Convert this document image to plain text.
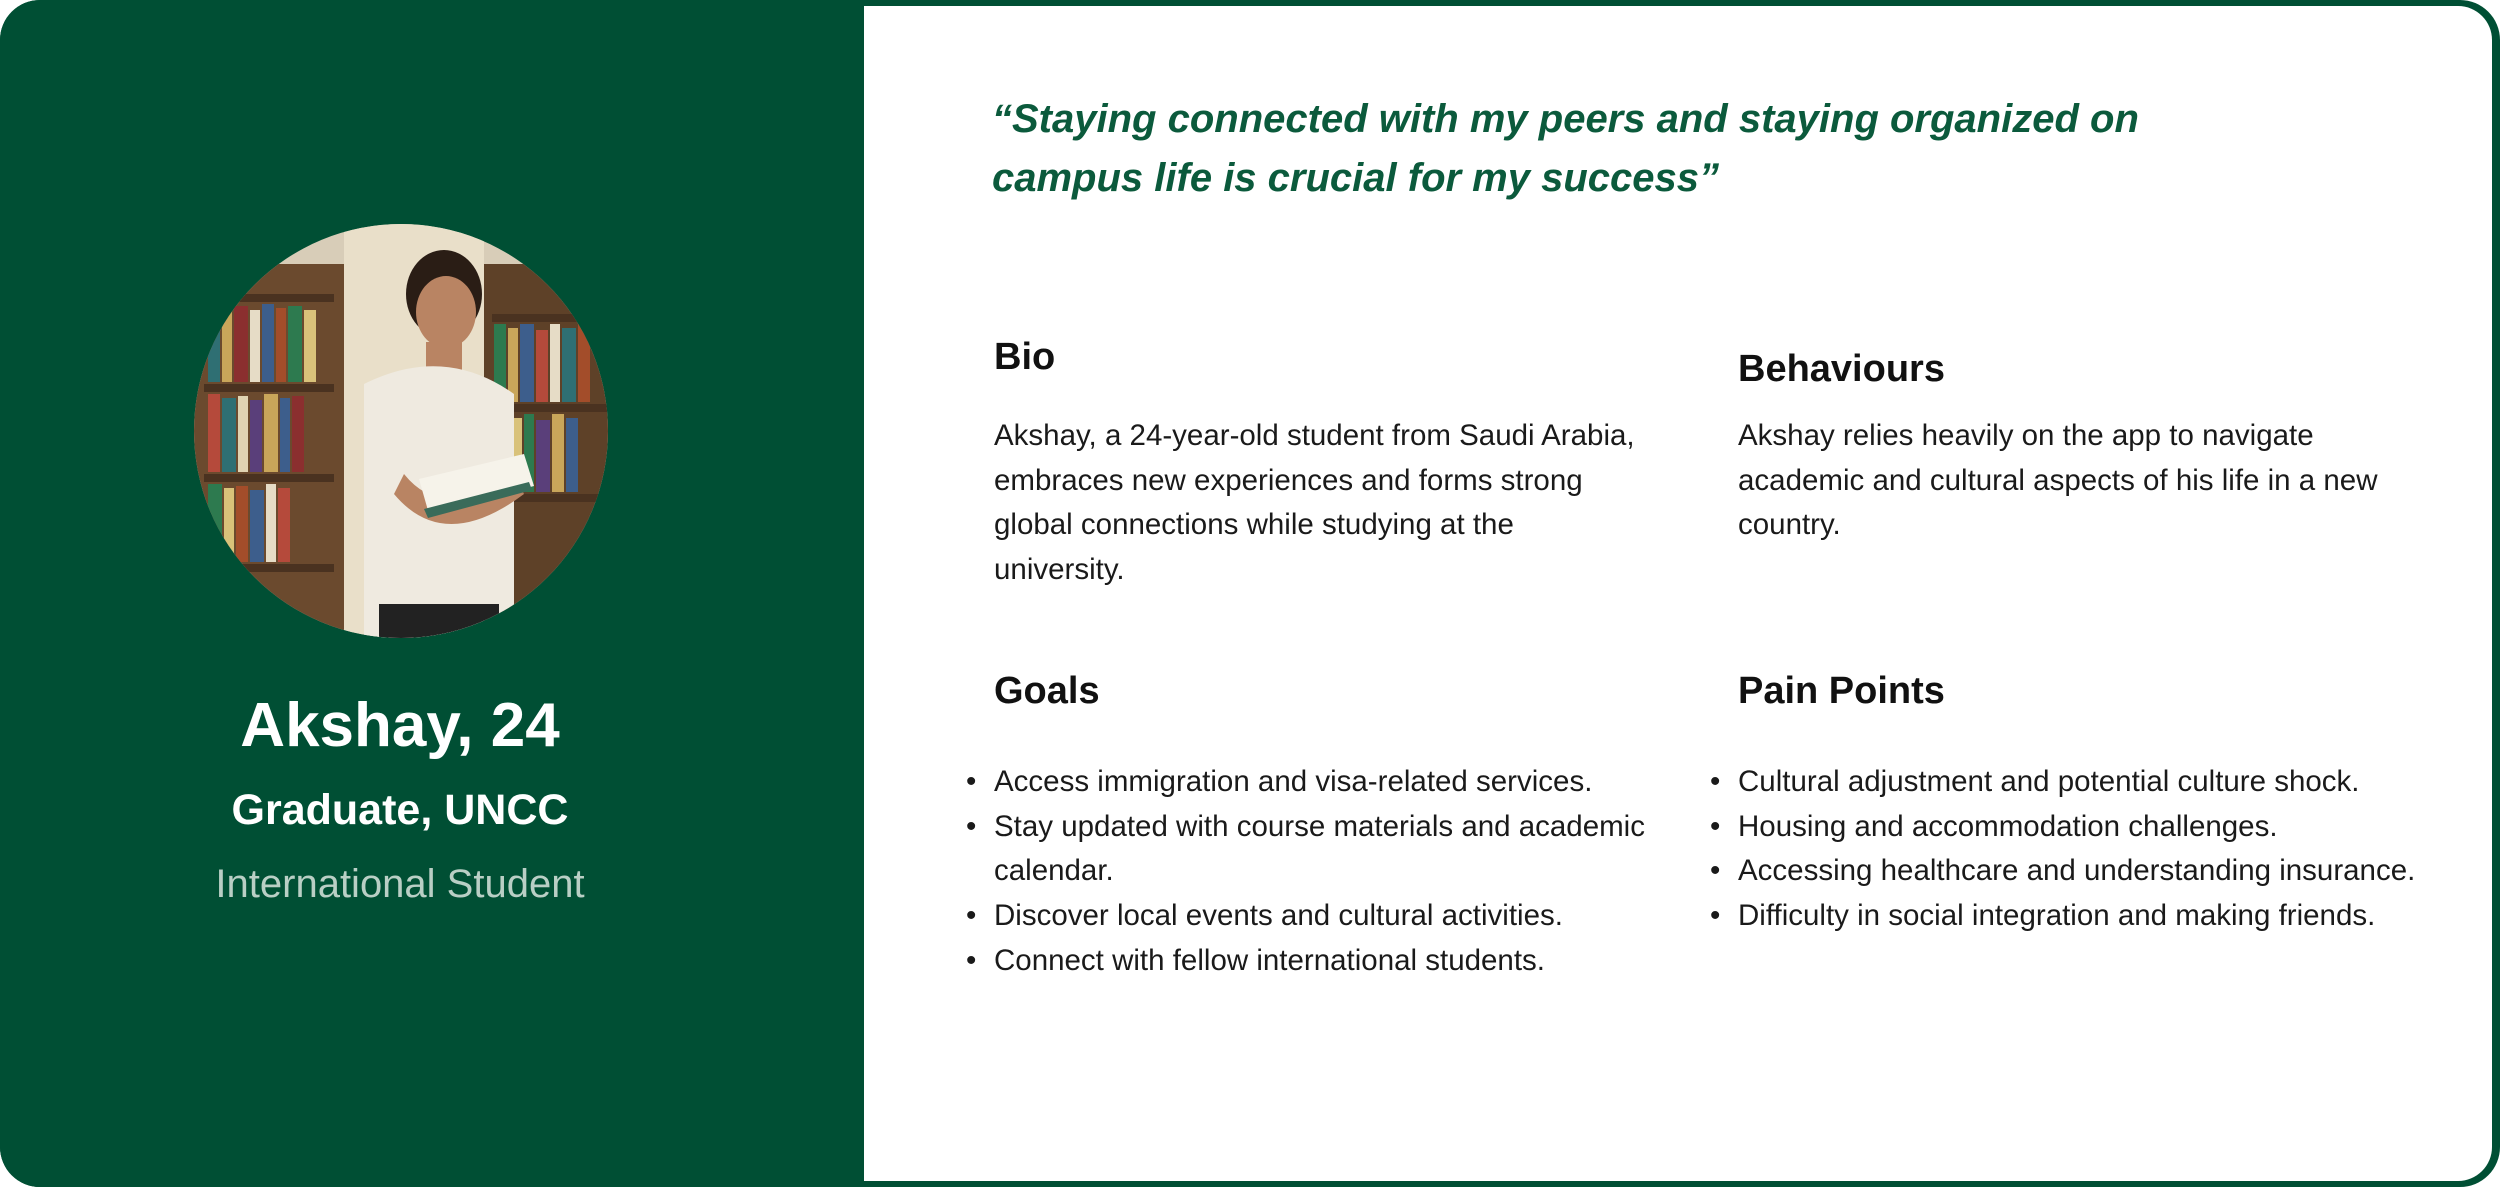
Akshay, 24
Graduate, UNCC
International Student

“Staying connected with my peers and staying organized on campus life is crucial for my success”

Bio

Akshay, a 24-year-old student from Saudi Arabia, embraces new experiences and forms strong global connections while studying at the university.

Behaviours

Akshay relies heavily on the app to navigate academic and cultural aspects of his life in a new country.

Goals
• Access immigration and visa-related services.
• Stay updated with course materials and academic calendar.
• Discover local events and cultural activities.
• Connect with fellow international students.
Pain Points
• Cultural adjustment and potential culture shock.
• Housing and accommodation challenges.
• Accessing healthcare and understanding insurance.
• Difficulty in social integration and making friends.
